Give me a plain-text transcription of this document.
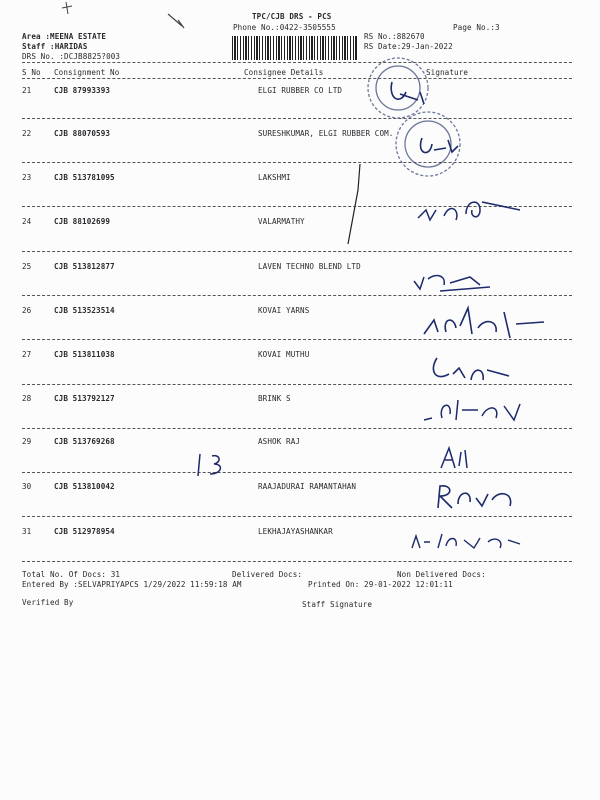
TPC/CJB DRS - PCS
Phone No.:0422-3505555	Page No.:3
Area :MEENA ESTATE
Staff :HARIDAS
DRS No. :DCJB8825?003
RS No.:882670
RS Date:29-Jan-2022
S No Consignment No	Consignee Details	Signature
21	CJB 87993393	ELGI RUBBER CO LTD
22	CJB 88070593	SURESHKUMAR, ELGI RUBBER COM.
23	CJB 513781095	LAKSHMI
24	CJB 88102699	VALARMATHY
25	CJB 513812877	LAVEN TECHNO BLEND LTD
26	CJB 513523514	KOVAI YARNS
27	CJB 513811038	KOVAI MUTHU
28	CJB 513792127	BRINK S
29	CJB 513769268	ASHOK RAJ
30	CJB 513810042	RAAJADURAI RAMANTAHAN
31	CJB 512978954	LEKHAJAYASHANKAR
Total No. Of Docs: 31	Delivered Docs:	Non Delivered Docs:
Entered By :SELVAPRIYAPCS 1/29/2022 11:59:18 AM	Printed On: 29-01-2022 12:01:11
Verified By	Staff Signature
